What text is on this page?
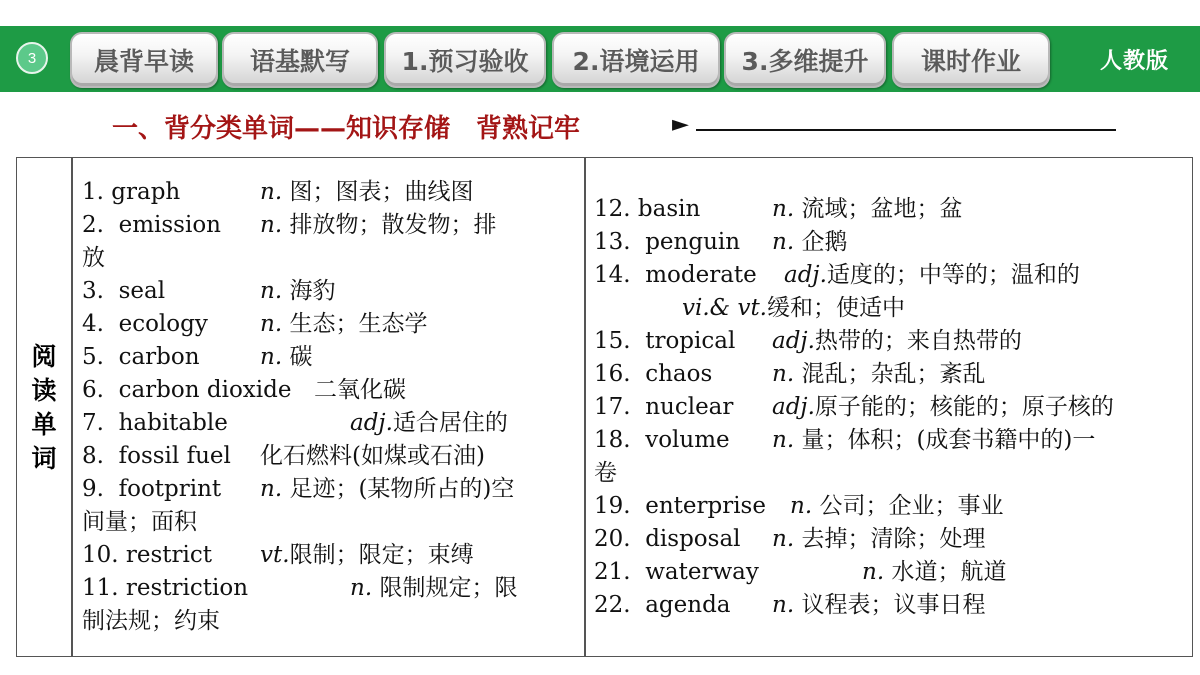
3	晨背早读	语基默写	1.预习验收	2.语境运用	3.多维提升	课时作业	人教版
一、背分类单词——知识存储　背熟记牢	►
阅
读
单
词
1. graph	n. 图；图表；曲线图
2. emission n. 排放物；散发物；排
放
3. seal	n. 海豹
4. ecology n. 生态；生态学
5. carbon	n. 碳
6. carbon dioxide 二氧化碳
7. habitable	adj.适合居住的
8. fossil fuel 化石燃料(如煤或石油)
9. footprint n. 足迹；(某物所占的)空
间量；面积
10. restrict vt.限制；限定；束缚
11. restriction	n. 限制规定；限
制法规；约束
12. basin	n. 流域；盆地；盆
13. penguin n. 企鹅
14. moderate adj.适度的；中等的；温和的
vi.& vt.缓和；使适中
15. tropical adj.热带的；来自热带的
16. chaos	n. 混乱；杂乱；紊乱
17. nuclear adj.原子能的；核能的；原子核的
18. volume n. 量；体积；(成套书籍中的)一
卷
19. enterprise n. 公司；企业；事业
20. disposal n. 去掉；清除；处理
21. waterway	n. 水道；航道
22. agenda n. 议程表；议事日程
